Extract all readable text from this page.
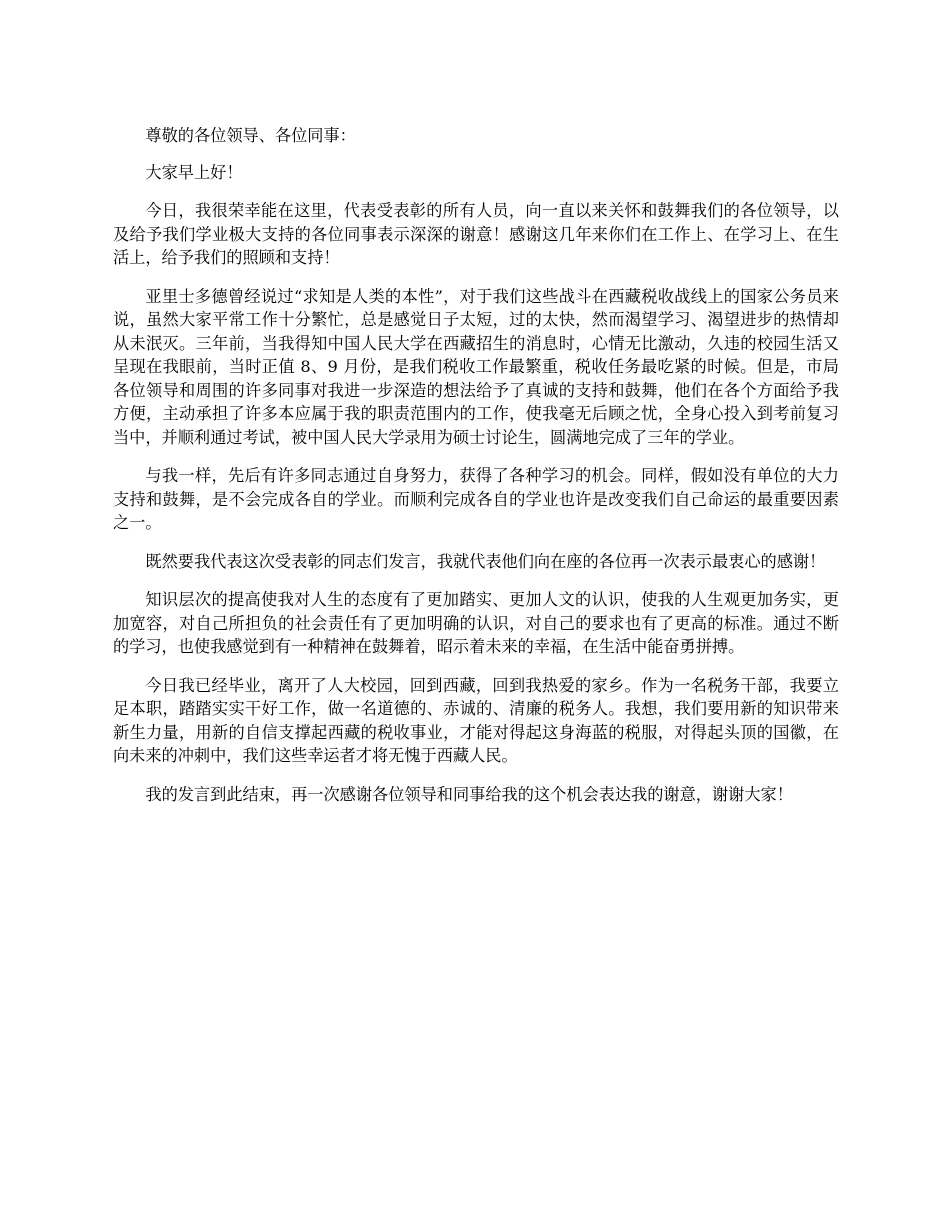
尊敬的各位领导、各位同事：

大家早上好！

今日，我很荣幸能在这里，代表受表彰的所有人员，向一直以来关怀和鼓舞我们的各位领导，以及给予我们学业极大支持的各位同事表示深深的谢意！感谢这几年来你们在工作上、在学习上、在生活上，给予我们的照顾和支持！

亚里士多德曾经说过“求知是人类的本性”，对于我们这些战斗在西藏税收战线上的国家公务员来说，虽然大家平常工作十分繁忙，总是感觉日子太短，过的太快，然而渴望学习、渴望进步的热情却从未泯灭。三年前，当我得知中国人民大学在西藏招生的消息时，心情无比激动，久违的校园生活又呈现在我眼前，当时正值 8、9 月份，是我们税收工作最繁重，税收任务最吃紧的时候。但是，市局各位领导和周围的许多同事对我进一步深造的想法给予了真诚的支持和鼓舞，他们在各个方面给予我方便，主动承担了许多本应属于我的职责范围内的工作，使我毫无后顾之忧，全身心投入到考前复习当中，并顺利通过考试，被中国人民大学录用为硕士讨论生，圆满地完成了三年的学业。

与我一样，先后有许多同志通过自身努力，获得了各种学习的机会。同样，假如没有单位的大力支持和鼓舞，是不会完成各自的学业。而顺利完成各自的学业也许是改变我们自己命运的最重要因素之一。

既然要我代表这次受表彰的同志们发言，我就代表他们向在座的各位再一次表示最衷心的感谢！

知识层次的提高使我对人生的态度有了更加踏实、更加人文的认识，使我的人生观更加务实，更加宽容，对自己所担负的社会责任有了更加明确的认识，对自己的要求也有了更高的标准。通过不断的学习，也使我感觉到有一种精神在鼓舞着，昭示着未来的幸福，在生活中能奋勇拼搏。

今日我已经毕业，离开了人大校园，回到西藏，回到我热爱的家乡。作为一名税务干部，我要立足本职，踏踏实实干好工作，做一名道德的、赤诚的、清廉的税务人。我想，我们要用新的知识带来新生力量，用新的自信支撑起西藏的税收事业，才能对得起这身海蓝的税服，对得起头顶的国徽，在向未来的冲刺中，我们这些幸运者才将无愧于西藏人民。

我的发言到此结束，再一次感谢各位领导和同事给我的这个机会表达我的谢意，谢谢大家！
